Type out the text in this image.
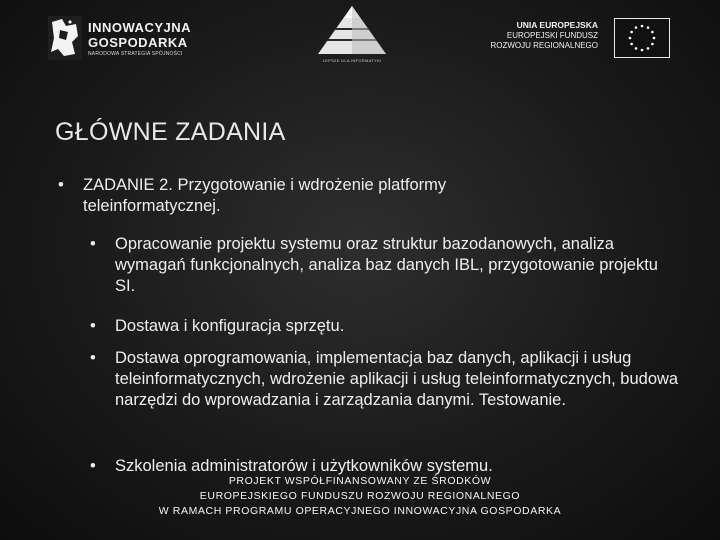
INNOWACYJNA
GOSPODARKA
NARODOWA STRATEGIA SPÓJNOŚCI
LEPSZE DLA INFORMATYKI
UNIA EUROPEJSKA
EUROPEJSKI FUNDUSZ
ROZWOJU REGIONALNEGO
GŁÓWNE ZADANIA
• ZADANIE 2. Przygotowanie i wdrożenie platformy teleinformatycznej.
• Opracowanie projektu systemu oraz struktur bazodanowych, analiza wymagań funkcjonalnych, analiza baz danych IBL, przygotowanie projektu SI.
• Dostawa i konfiguracja sprzętu.
• Dostawa oprogramowania, implementacja baz danych, aplikacji i usług teleinformatycznych, wdrożenie aplikacji i usług teleinformatycznych, budowa narzędzi do wprowadzania i zarządzania danymi. Testowanie.
• Szkolenia administratorów i użytkowników systemu.
PROJEKT WSPÓŁFINANSOWANY ZE ŚRODKÓW
EUROPEJSKIEGO FUNDUSZU ROZWOJU REGIONALNEGO
W RAMACH PROGRAMU OPERACYJNEGO INNOWACYJNA GOSPODARKA
